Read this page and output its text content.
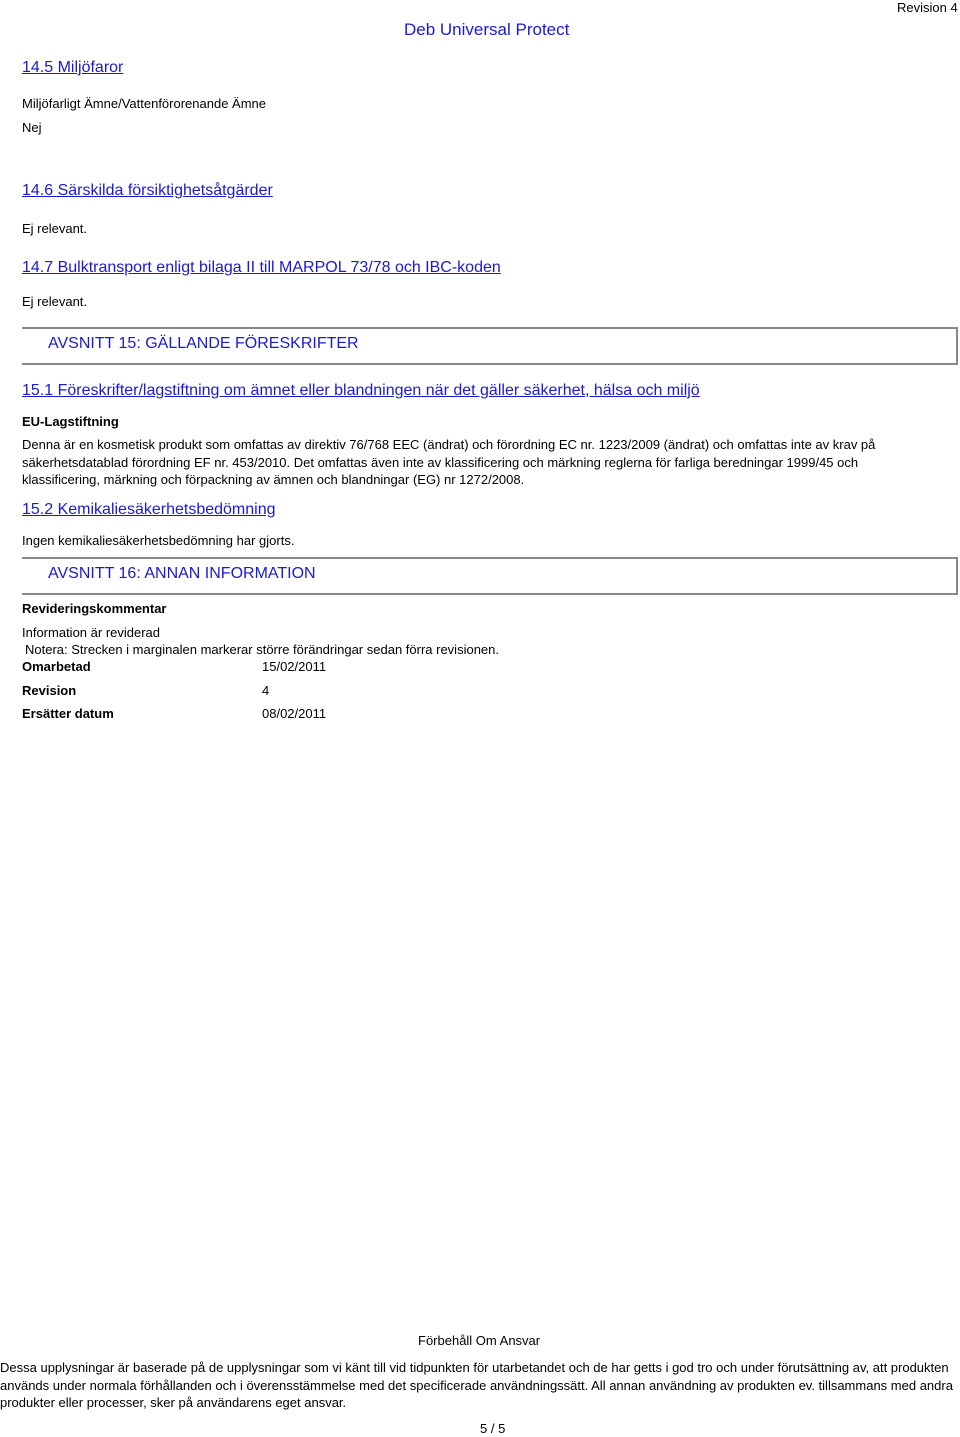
Deb Universal Protect
Revision 4
14.5 Miljöfaror
Miljöfarligt Ämne/Vattenförorenande Ämne
Nej
14.6 Särskilda försiktighetsåtgärder
Ej relevant.
14.7 Bulktransport enligt bilaga II till MARPOL 73/78 och IBC-koden
Ej relevant.
AVSNITT 15: GÄLLANDE FÖRESKRIFTER
15.1 Föreskrifter/lagstiftning om ämnet eller blandningen när det gäller säkerhet, hälsa och miljö
EU-Lagstiftning
Denna är en kosmetisk produkt som omfattas av direktiv 76/768 EEC (ändrat) och förordning EC nr. 1223/2009 (ändrat) och omfattas inte av krav på
säkerhetsdatablad förordning EF nr. 453/2010. Det omfattas även inte av klassificering och märkning reglerna för farliga beredningar 1999/45 och
klassificering, märkning och förpackning av ämnen och blandningar (EG) nr 1272/2008.
15.2 Kemikaliesäkerhetsbedömning
Ingen kemikaliesäkerhetsbedömning har gjorts.
AVSNITT 16: ANNAN INFORMATION
Revideringskommentar
Information är reviderad
Notera: Strecken i marginalen markerar större förändringar sedan förra revisionen.
Omarbetad	15/02/2011
Revision	4
Ersätter datum	08/02/2011
Förbehåll Om Ansvar
Dessa upplysningar är baserade på de upplysningar som vi känt till vid tidpunkten för utarbetandet och de har getts i god tro och under förutsättning av, att produkten
används under normala förhållanden och i överensstämmelse med det specificerade användningssätt. All annan användning av produkten ev. tillsammans med andra
produkter eller processer, sker på användarens eget ansvar.
5 / 5
